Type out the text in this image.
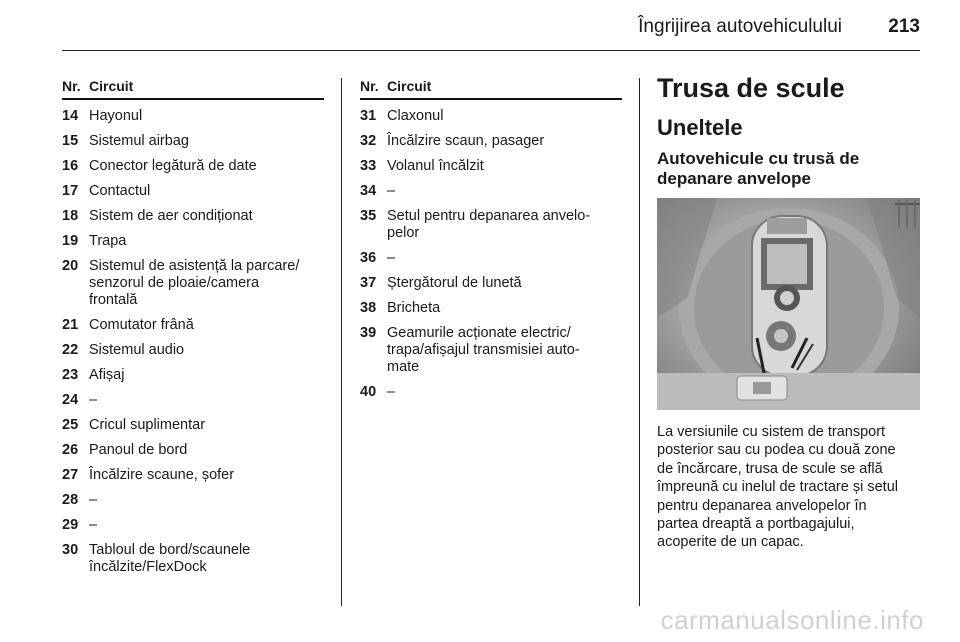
Îngrijirea autovehiculului 213
Nr. Circuit
14 Hayonul
15 Sistemul airbag
16 Conector legătură de date
17 Contactul
18 Sistem de aer condiționat
19 Trapa
20 Sistemul de asistență la parcare/
senzorul de ploaie/camera
frontală
21 Comutator frână
22 Sistemul audio
23 Afișaj
24 –
25 Cricul suplimentar
26 Panoul de bord
27 Încălzire scaune, șofer
28 –
29 –
30 Tabloul de bord/scaunele
încălzite/FlexDock
Nr. Circuit
31 Claxonul
32 Încălzire scaun, pasager
33 Volanul încălzit
34 –
35 Setul pentru depanarea anvelo-
pelor
36 –
37 Ștergătorul de lunetă
38 Bricheta
39 Geamurile acționate electric/
trapa/afișajul transmisiei auto-
mate
40 –
Trusa de scule
Uneltele
Autovehicule cu trusă de
depanare anvelope
La versiunile cu sistem de transport
posterior sau cu podea cu două zone
de încărcare, trusa de scule se află
împreună cu inelul de tractare și setul
pentru depanarea anvelopelor în
partea dreaptă a portbagajului,
acoperite de un capac.
carmanualsonline.info
